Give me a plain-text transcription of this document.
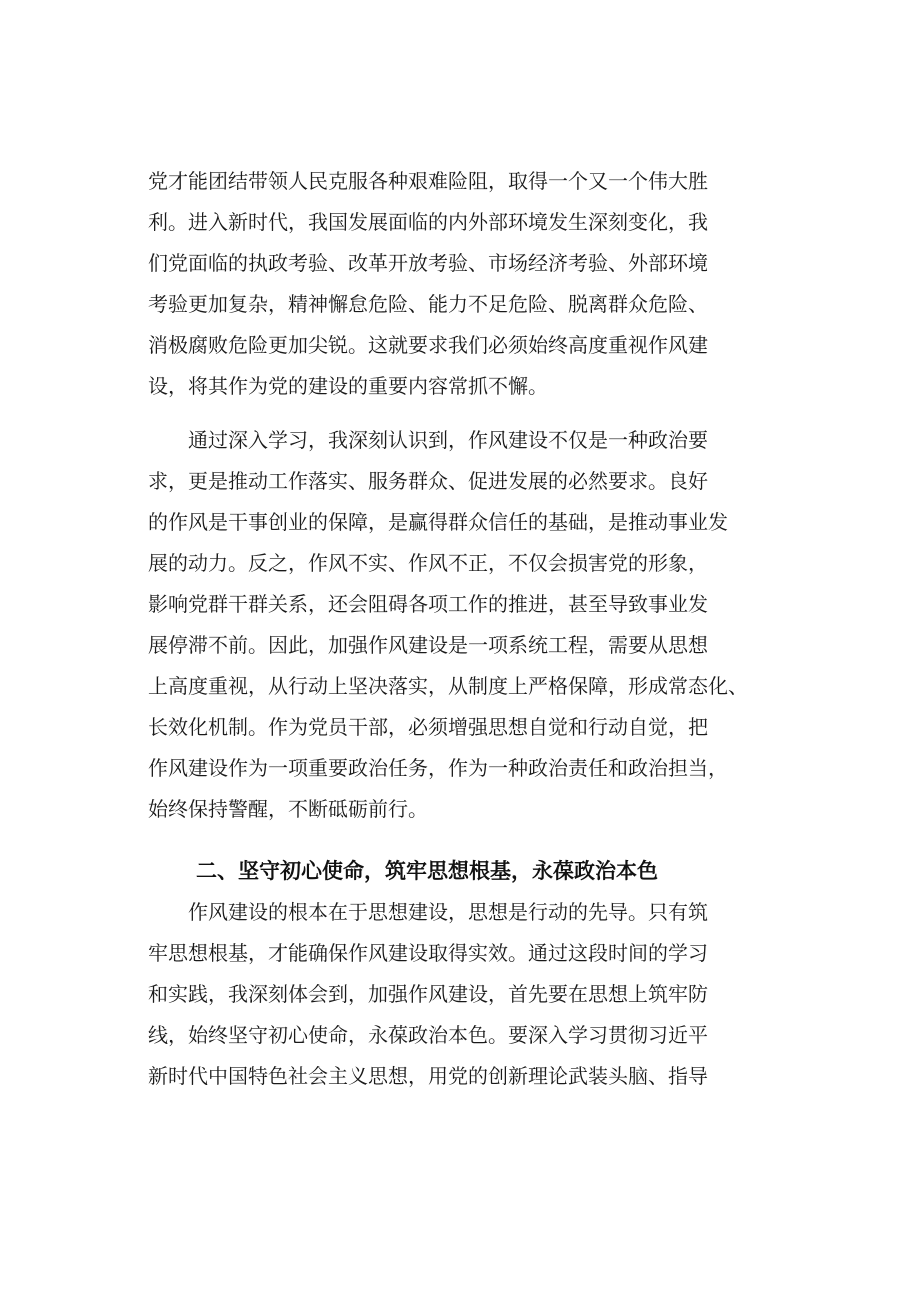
党才能团结带领人民克服各种艰难险阻，取得一个又一个伟大胜
利。进入新时代，我国发展面临的内外部环境发生深刻变化，我
们党面临的执政考验、改革开放考验、市场经济考验、外部环境
考验更加复杂，精神懈怠危险、能力不足危险、脱离群众危险、
消极腐败危险更加尖锐。这就要求我们必须始终高度重视作风建
设，将其作为党的建设的重要内容常抓不懈。
　　通过深入学习，我深刻认识到，作风建设不仅是一种政治要
求，更是推动工作落实、服务群众、促进发展的必然要求。良好
的作风是干事创业的保障，是赢得群众信任的基础，是推动事业发
展的动力。反之，作风不实、作风不正，不仅会损害党的形象，
影响党群干群关系，还会阻碍各项工作的推进，甚至导致事业发
展停滞不前。因此，加强作风建设是一项系统工程，需要从思想
上高度重视，从行动上坚决落实，从制度上严格保障，形成常态化、
长效化机制。作为党员干部，必须增强思想自觉和行动自觉，把
作风建设作为一项重要政治任务，作为一种政治责任和政治担当，
始终保持警醒，不断砥砺前行。
二、坚守初心使命，筑牢思想根基，永葆政治本色
　　作风建设的根本在于思想建设，思想是行动的先导。只有筑
牢思想根基，才能确保作风建设取得实效。通过这段时间的学习
和实践，我深刻体会到，加强作风建设，首先要在思想上筑牢防
线，始终坚守初心使命，永葆政治本色。要深入学习贯彻习近平
新时代中国特色社会主义思想，用党的创新理论武装头脑、指导
